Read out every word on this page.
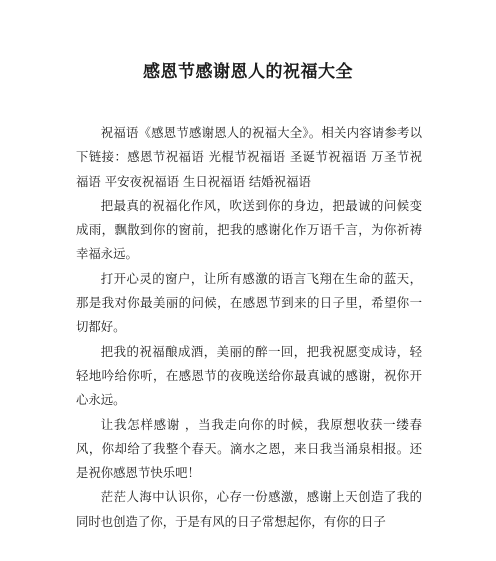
感恩节感谢恩人的祝福大全

祝福语《感恩节感谢恩人的祝福大全》。相关内容请参考以下链接：感恩节祝福语 光棍节祝福语 圣诞节祝福语 万圣节祝福语 平安夜祝福语 生日祝福语 结婚祝福语

把最真的祝福化作风，吹送到你的身边，把最诚的问候变成雨，飘散到你的窗前，把我的感谢化作万语千言，为你祈祷幸福永远。

打开心灵的窗户，让所有感激的语言飞翔在生命的蓝天，那是我对你最美丽的问候，在感恩节到来的日子里，希望你一切都好。

把我的祝福酿成酒，美丽的醉一回，把我祝愿变成诗，轻轻地吟给你听，在感恩节的夜晚送给你最真诚的感谢，祝你开心永远。

让我怎样感谢 ，当我走向你的时候，我原想收获一缕春风，你却给了我整个春天。滴水之恩，来日我当涌泉相报。还是祝你感恩节快乐吧！

茫茫人海中认识你，心存一份感激，感谢上天创造了我的同时也创造了你，于是有风的日子常想起你，有你的日子
